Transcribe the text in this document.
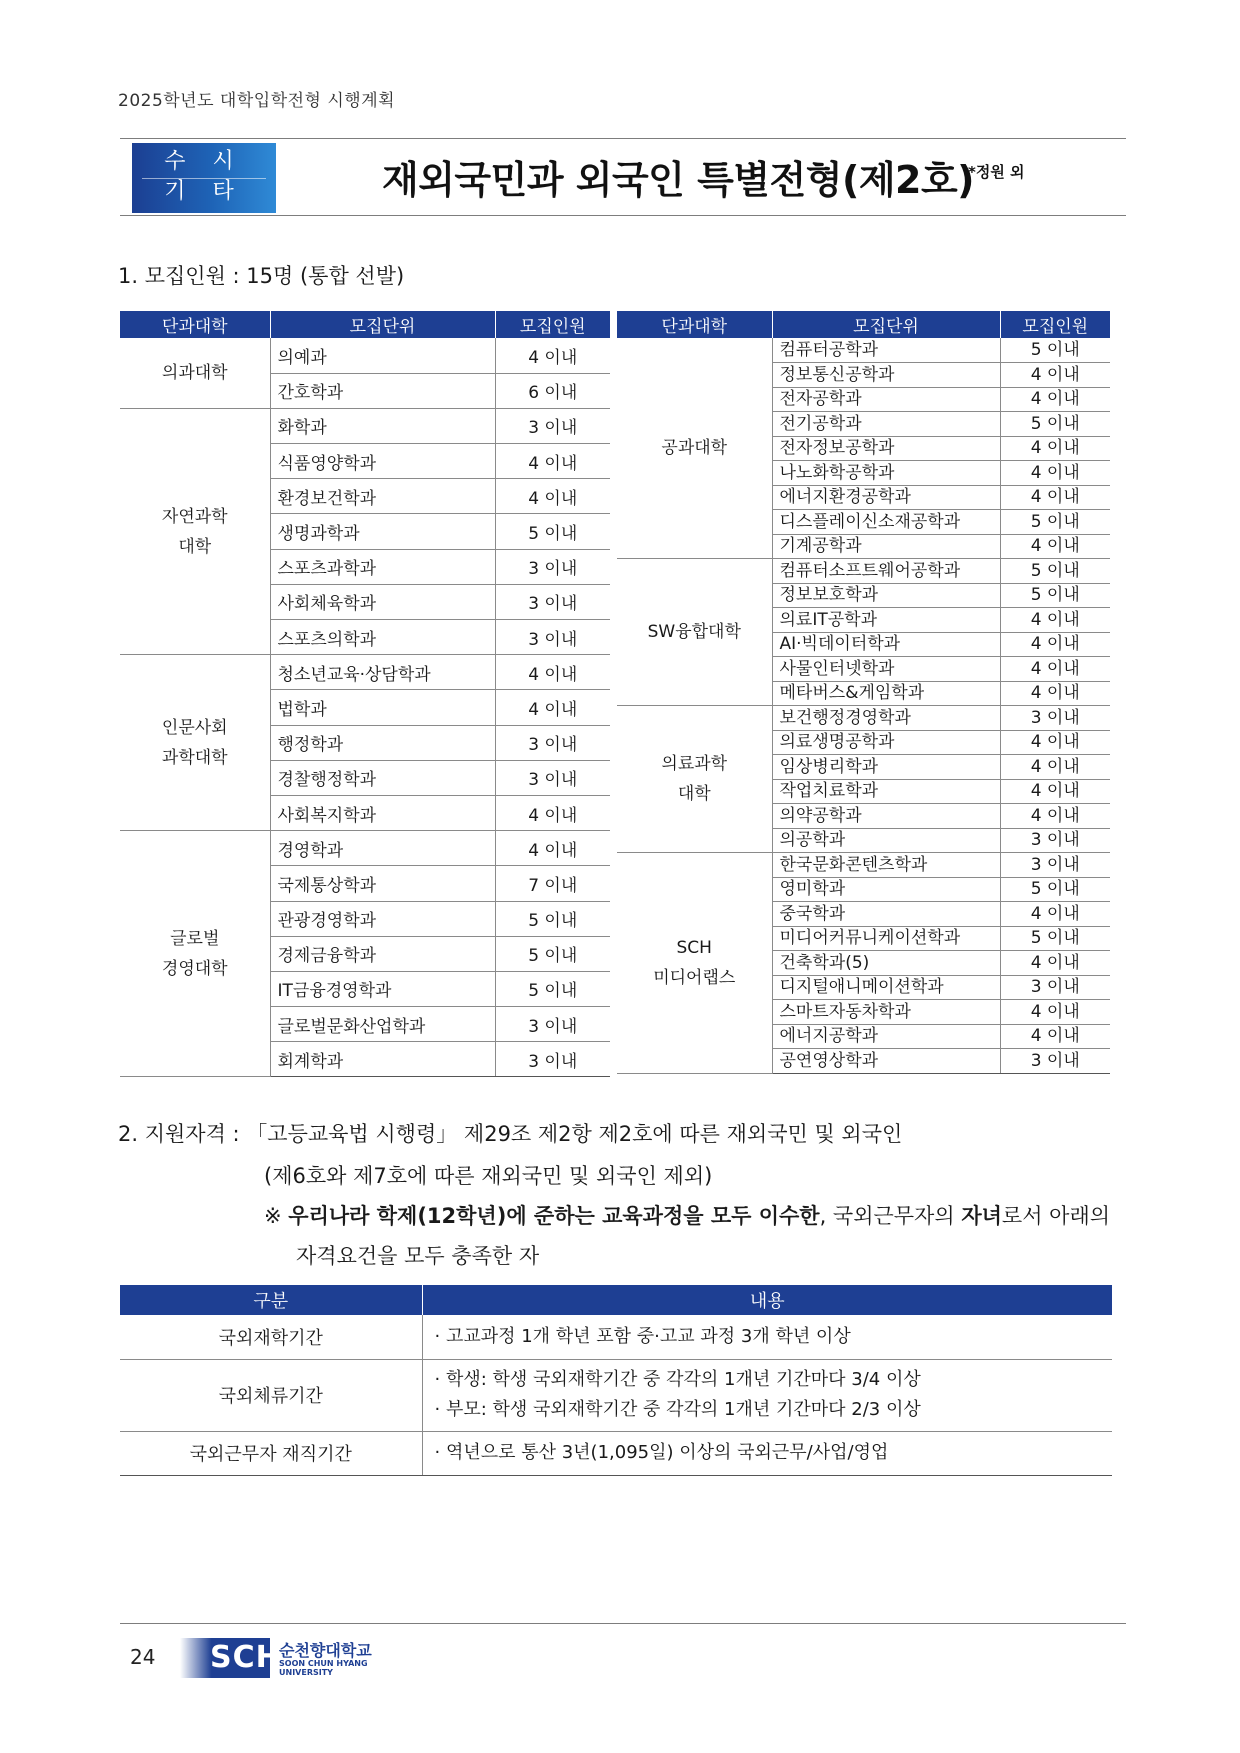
2025학년도 대학입학전형 시행계획
수 시
기 타	재외국민과 외국인 특별전형(제2호)
*정원 외
1. 모집인원 : 15명 (통합 선발)
단과대학	모집단위	모집인원
의과대학	의예과	4 이내
	간호학과	6 이내
자연과학
대학	화학과	3 이내
	식품영양학과	4 이내
	환경보건학과	4 이내
	생명과학과	5 이내
	스포츠과학과	3 이내
	사회체육학과	3 이내
	스포츠의학과	3 이내
인문사회
과학대학	청소년교육·상담학과	4 이내
	법학과	4 이내
	행정학과	3 이내
	경찰행정학과	3 이내
	사회복지학과	4 이내
글로벌
경영대학	경영학과	4 이내
	국제통상학과	7 이내
	관광경영학과	5 이내
	경제금융학과	5 이내
	IT금융경영학과	5 이내
	글로벌문화산업학과	3 이내
	회계학과	3 이내
단과대학	모집단위	모집인원
공과대학	컴퓨터공학과	5 이내
	정보통신공학과	4 이내
	전자공학과	4 이내
	전기공학과	5 이내
	전자정보공학과	4 이내
	나노화학공학과	4 이내
	에너지환경공학과	4 이내
	디스플레이신소재공학과	5 이내
	기계공학과	4 이내
SW융합대학	컴퓨터소프트웨어공학과	5 이내
	정보보호학과	5 이내
	의료IT공학과	4 이내
	AI·빅데이터학과	4 이내
	사물인터넷학과	4 이내
	메타버스&게임학과	4 이내
의료과학
대학	보건행정경영학과	3 이내
	의료생명공학과	4 이내
	임상병리학과	4 이내
	작업치료학과	4 이내
	의약공학과	4 이내
	의공학과	3 이내
SCH
미디어랩스	한국문화콘텐츠학과	3 이내
	영미학과	5 이내
	중국학과	4 이내
	미디어커뮤니케이션학과	5 이내
	건축학과(5)	4 이내
	디지털애니메이션학과	3 이내
	스마트자동차학과	4 이내
	에너지공학과	4 이내
	공연영상학과	3 이내
2. 지원자격 : 「고등교육법 시행령」 제29조 제2항 제2호에 따른 재외국민 및 외국인
(제6호와 제7호에 따른 재외국민 및 외국인 제외)
※ 우리나라 학제(12학년)에 준하는 교육과정을 모두 이수한, 국외근무자의 자녀로서 아래의
자격요건을 모두 충족한 자
구분	내용
국외재학기간	· 고교과정 1개 학년 포함 중·고교 과정 3개 학년 이상

국외체류기간	· 학생: 학생 국외재학기간 중 각각의 1개년 기간마다 3/4 이상
· 부모: 학생 국외재학기간 중 각각의 1개년 기간마다 2/3 이상

국외근무자 재직기간	· 역년으로 통산 3년(1,095일) 이상의 국외근무/사업/영업
24 SCH
순천향대학교
SOON CHUN HYANG
UNIVERSITY
